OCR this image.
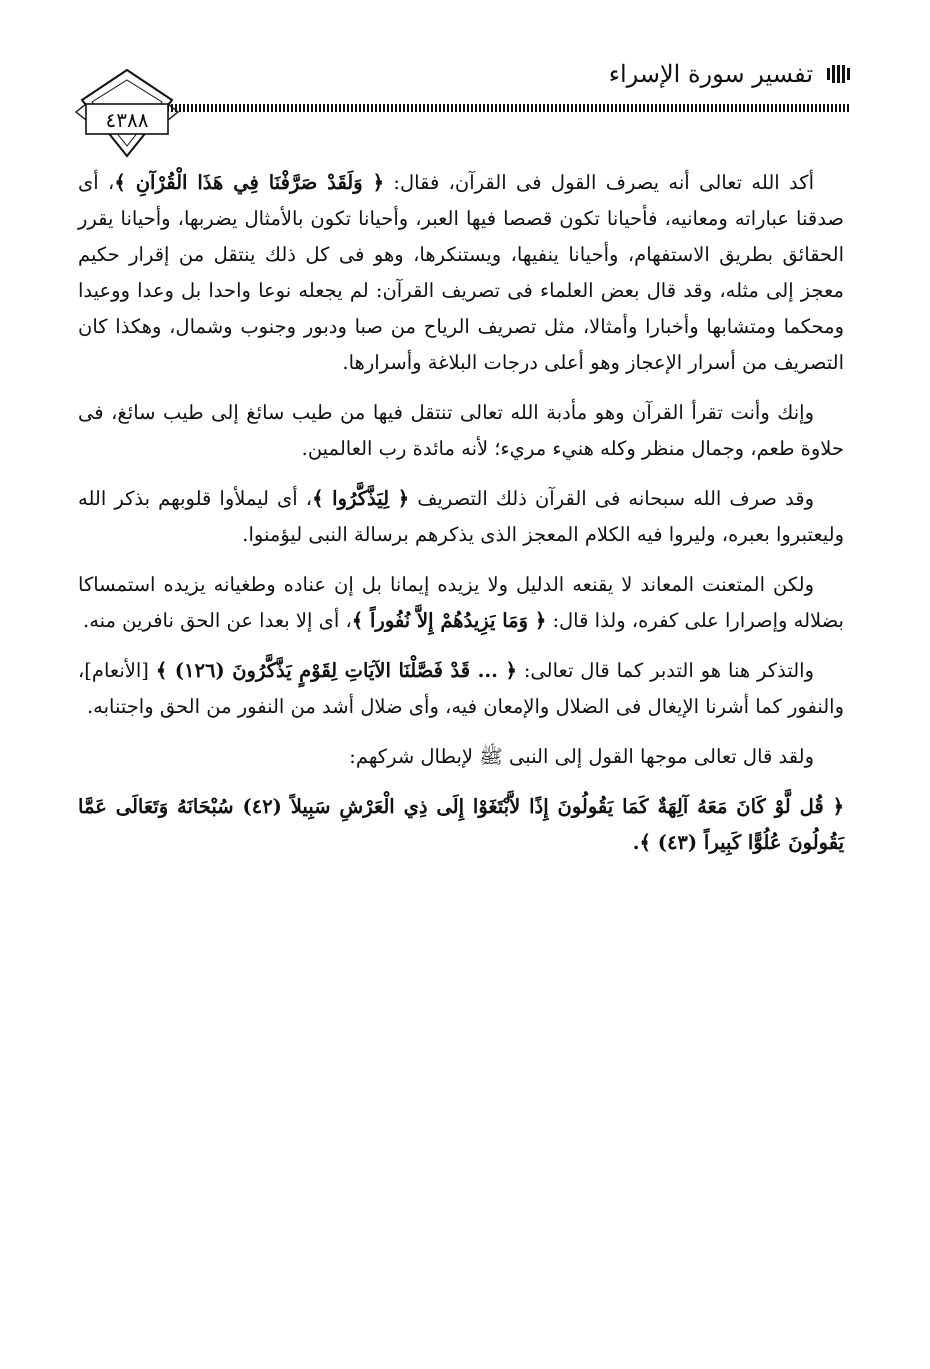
تفسير سورة الإسراء
٤٣٨٨

أكد الله تعالى أنه يصرف القول فى القرآن، فقال: ﴿ وَلَقَدْ صَرَّفْنَا فِي هَذَا الْقُرْآنِ ﴾، أى صدقنا عباراته ومعانيه، فأحيانا تكون قصصا فيها العبر، وأحيانا تكون بالأمثال يضربها، وأحيانا يقرر الحقائق بطريق الاستفهام، وأحيانا ينفيها، ويستنكرها، وهو فى كل ذلك ينتقل من إقرار حكيم معجز إلى مثله، وقد قال بعض العلماء فى تصريف القرآن: لم يجعله نوعا واحدا بل وعدا ووعيدا ومحكما ومتشابها وأخبارا وأمثالا، مثل تصريف الرياح من صبا ودبور وجنوب وشمال، وهكذا كان التصريف من أسرار الإعجاز وهو أعلى درجات البلاغة وأسرارها.

وإنك وأنت تقرأ القرآن وهو مأدبة الله تعالى تنتقل فيها من طيب سائغ إلى طيب سائغ، فى حلاوة طعم، وجمال منظر وكله هنيء مريء؛ لأنه مائدة رب العالمين.

وقد صرف الله سبحانه فى القرآن ذلك التصريف ﴿ لِيَذَّكَّرُوا ﴾، أى ليملأوا قلوبهم بذكر الله وليعتبروا بعبره، وليروا فيه الكلام المعجز الذى يذكرهم برسالة النبى ليؤمنوا.

ولكن المتعنت المعاند لا يقنعه الدليل ولا يزيده إيمانا بل إن عناده وطغيانه يزيده استمساكا بضلاله وإصرارا على كفره، ولذا قال: ﴿ وَمَا يَزِيدُهُمْ إِلاَّ نُفُوراً ﴾، أى إلا بعدا عن الحق نافرين منه.

والتذكر هنا هو التدبر كما قال تعالى: ﴿ ... قَدْ فَصَّلْنَا الآيَاتِ لِقَوْمٍ يَذَّكَّرُونَ (١٢٦) ﴾ [الأنعام]، والنفور كما أشرنا الإيغال فى الضلال والإمعان فيه، وأى ضلال أشد من النفور من الحق واجتنابه.

ولقد قال تعالى موجها القول إلى النبى ﷺ لإبطال شركهم:

﴿ قُل لَّوْ كَانَ مَعَهُ آلِهَةٌ كَمَا يَقُولُونَ إِذًا لاَّبْتَغَوْا إِلَى ذِي الْعَرْشِ سَبِيلاً (٤٢) سُبْحَانَهُ وَتَعَالَى عَمَّا يَقُولُونَ عُلُوًّا كَبِيراً (٤٣) ﴾.
